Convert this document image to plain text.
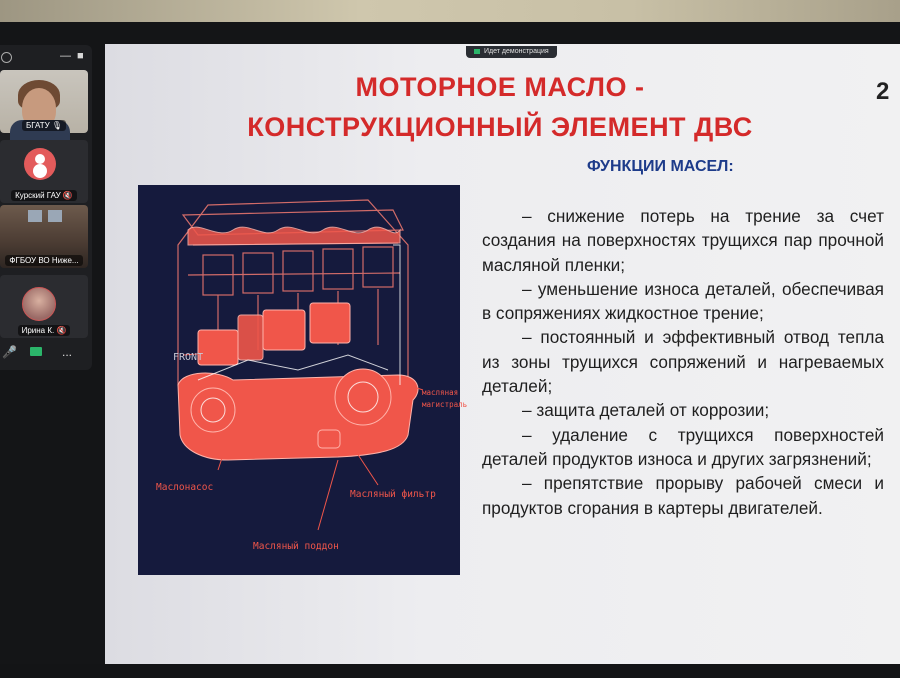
— ■
БГАТУ 🎙
Курский ГАУ 🔇
ФГБОУ ВО Ниже...
Ирина К. 🔇
🎤	...
Идет демонстрация
МОТОРНОЕ МАСЛО -
КОНСТРУКЦИОННЫЙ ЭЛЕМЕНТ ДВС
2
ФУНКЦИИ МАСЕЛ:
FRONT
масляная
магистраль
Маслонасос
Масляный фильтр
Масляный поддон

– снижение потерь на трение за счет создания на поверхностях трущихся пар прочной масляной пленки;

– уменьшение износа деталей, обеспечивая в сопряжениях жидкостное трение;

– постоянный и эффективный отвод тепла из зоны трущихся сопряжений и нагреваемых деталей;

– защита деталей от коррозии;

– удаление с трущихся поверхностей деталей продуктов износа и других загрязнений;

– препятствие прорыву рабочей смеси и продуктов сгорания в картеры двигателей.
